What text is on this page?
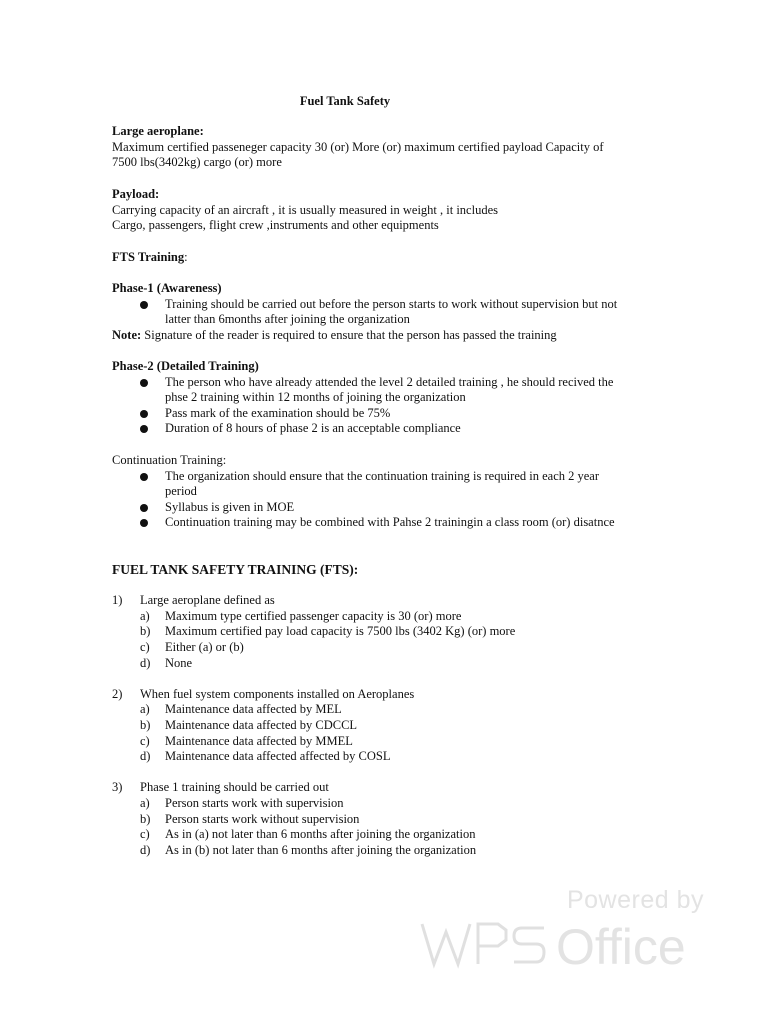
Fuel Tank Safety
Large aeroplane:
Maximum certified passeneger capacity 30 (or) More (or) maximum certified payload Capacity of
7500 lbs(3402kg) cargo (or) more
Payload:
Carrying capacity of an aircraft , it is usually measured in weight , it includes
Cargo, passengers, flight crew ,instruments and other equipments
FTS Training:
Phase-1 (Awareness)
Training should be carried out before the person starts to work without supervision but not
latter than 6months after joining the organization
Note: Signature of the reader is required to ensure that the person has passed the training
Phase-2 (Detailed Training)
The person who have already attended the level 2 detailed training , he should recived the
phse 2 training within 12 months of joining the organization
Pass mark of the examination should be 75%
Duration of 8 hours of phase 2 is an acceptable compliance
Continuation Training:
The organization should ensure that the continuation training is required in each 2 year
period
Syllabus is given in MOE
Continuation training may be combined with Pahse 2 trainingin a class room (or) disatnce
FUEL TANK SAFETY TRAINING (FTS):
1) Large aeroplane defined as
a) Maximum type certified passenger capacity is 30 (or) more
b) Maximum certified pay load capacity is 7500 lbs (3402 Kg) (or) more
c) Either (a) or (b)
d) None
2) When fuel system components installed on Aeroplanes
a) Maintenance data affected by MEL
b) Maintenance data affected by CDCCL
c) Maintenance data affected by MMEL
d) Maintenance data affected affected by COSL
3) Phase 1 training should be carried out
a) Person starts work with supervision
b) Person starts work without supervision
c) As in (a) not later than 6 months after joining the organization
d) As in (b) not later than 6 months after joining the organization
Powered by
Office
